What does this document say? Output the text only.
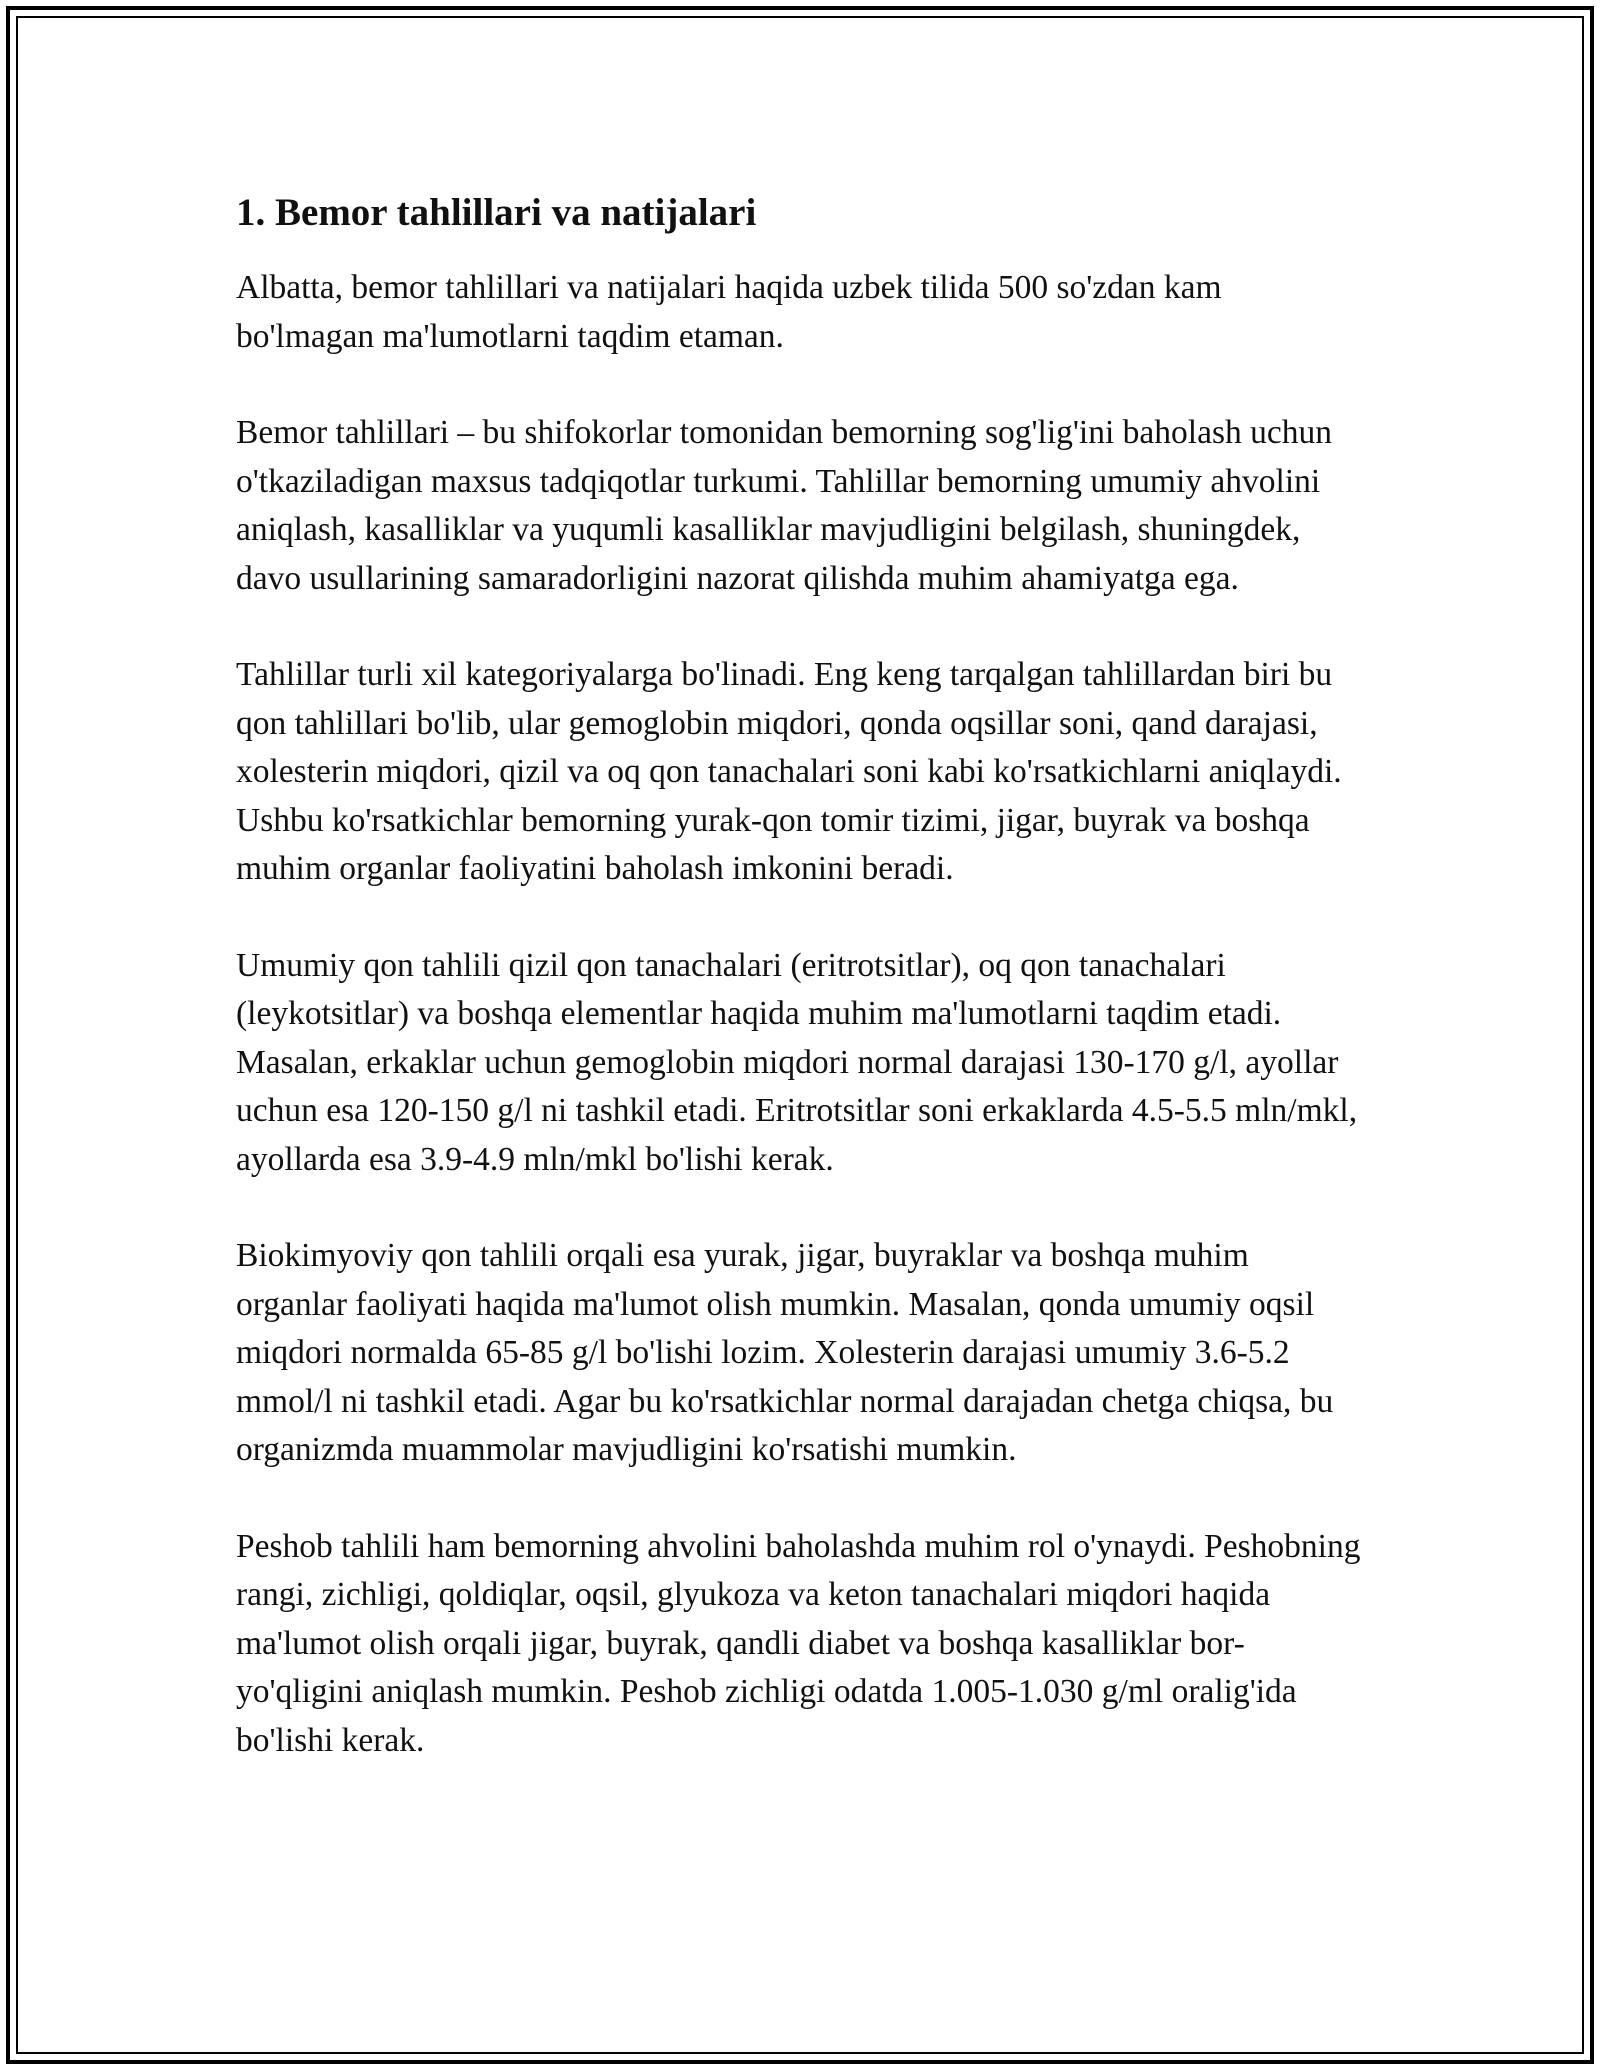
1. Bemor tahlillari va natijalari

Albatta, bemor tahlillari va natijalari haqida uzbek tilida 500 so'zdan kam bo'lmagan ma'lumotlarni taqdim etaman.

Bemor tahlillari – bu shifokorlar tomonidan bemorning sog'lig'ini baholash uchun o'tkaziladigan maxsus tadqiqotlar turkumi. Tahlillar bemorning umumiy ahvolini aniqlash, kasalliklar va yuqumli kasalliklar mavjudligini belgilash, shuningdek, davo usullarining samaradorligini nazorat qilishda muhim ahamiyatga ega.

Tahlillar turli xil kategoriyalarga bo'linadi. Eng keng tarqalgan tahlillardan biri bu qon tahlillari bo'lib, ular gemoglobin miqdori, qonda oqsillar soni, qand darajasi, xolesterin miqdori, qizil va oq qon tanachalari soni kabi ko'rsatkichlarni aniqlaydi. Ushbu ko'rsatkichlar bemorning yurak-qon tomir tizimi, jigar, buyrak va boshqa muhim organlar faoliyatini baholash imkonini beradi.

Umumiy qon tahlili qizil qon tanachalari (eritrotsitlar), oq qon tanachalari (leykotsitlar) va boshqa elementlar haqida muhim ma'lumotlarni taqdim etadi. Masalan, erkaklar uchun gemoglobin miqdori normal darajasi 130-170 g/l, ayollar uchun esa 120-150 g/l ni tashkil etadi. Eritrotsitlar soni erkaklarda 4.5-5.5 mln/mkl, ayollarda esa 3.9-4.9 mln/mkl bo'lishi kerak.

Biokimyoviy qon tahlili orqali esa yurak, jigar, buyraklar va boshqa muhim organlar faoliyati haqida ma'lumot olish mumkin. Masalan, qonda umumiy oqsil miqdori normalda 65-85 g/l bo'lishi lozim. Xolesterin darajasi umumiy 3.6-5.2 mmol/l ni tashkil etadi. Agar bu ko'rsatkichlar normal darajadan chetga chiqsa, bu organizmda muammolar mavjudligini ko'rsatishi mumkin.

Peshob tahlili ham bemorning ahvolini baholashda muhim rol o'ynaydi. Peshobning rangi, zichligi, qoldiqlar, oqsil, glyukoza va keton tanachalari miqdori haqida ma'lumot olish orqali jigar, buyrak, qandli diabet va boshqa kasalliklar bor-yo'qligini aniqlash mumkin. Peshob zichligi odatda 1.005-1.030 g/ml oralig'ida bo'lishi kerak.
